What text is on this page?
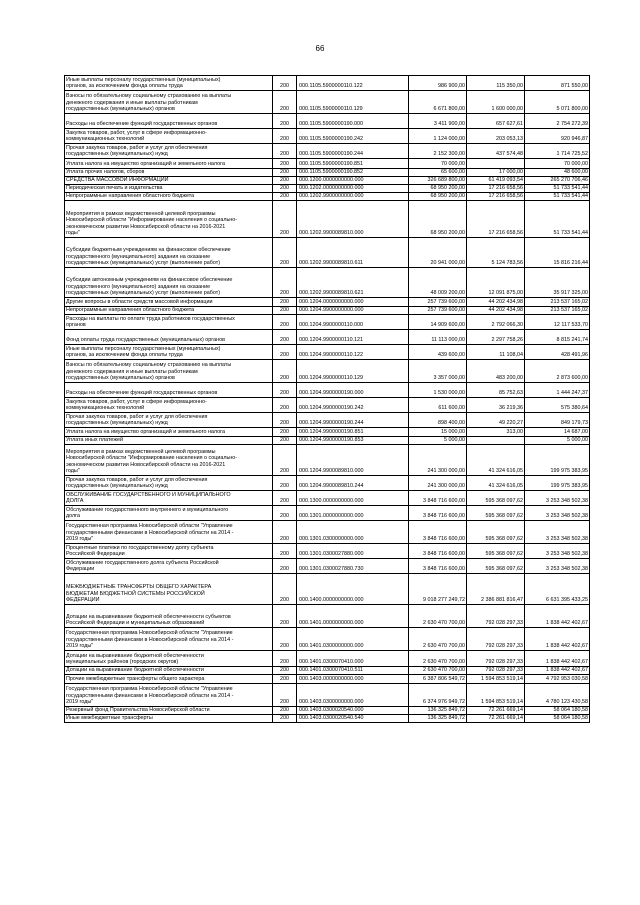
66
Иные выплаты персоналу государственных (муниципальных)
органов, за исключением фонда оплаты труда	200	000.1105.5900000110.122	986 900,00	115 350,00	871 550,00
Взносы по обязательному социальному страхованию на выплаты
денежного содержания и иные выплаты работникам
государственных (муниципальных) органов	200	000.1105.5900000110.129	6 671 800,00	1 600 000,00	5 071 800,00
Расходы на обеспечение функций государственных органов	200	000.1105.5900000190.000	3 411 900,00	657 627,61	2 754 272,39
Закупка товаров, работ, услуг в сфере информационно-
коммуникационных технологий	200	000.1105.5900000190.242	1 124 000,00	203 053,13	920 946,87
Прочая закупка товаров, работ и услуг для обеспечения
государственных (муниципальных) нужд	200	000.1105.5900000190.244	2 152 300,00	437 574,48	1 714 725,52
Уплата налога на имущество организаций и земельного налога	200	000.1105.5900000190.851	70 000,00		70 000,00
Уплата прочих налогов, сборов	200	000.1105.5900000190.852	65 600,00	17 000,00	48 600,00
СРЕДСТВА МАССОВОЙ ИНФОРМАЦИИ	200	000.1200.0000000000.000	326 689 800,00	61 419 093,54	265 270 706,46
Периодическая печать и издательства	200	000.1202.0000000000.000	68 950 200,00	17 216 658,56	51 733 541,44
Непрограммные направления областного бюджета	200	000.1202.9900000000.000	68 950 200,00	17 216 658,56	51 733 541,44
Мероприятия в рамках ведомственной целевой программы
Новосибирской области "Информирование населения о социально-
экономическом развитии Новосибирской области на 2016-2021
годы"	200	000.1202.9900089810.000	68 950 200,00	17 216 658,56	51 733 541,44
Субсидии бюджетным учреждениям на финансовое обеспечение
государственного (муниципального) задания на оказание
государственных (муниципальных) услуг (выполнение работ)	200	000.1202.9900089810.611	20 941 000,00	5 124 783,56	15 816 216,44
Субсидии автономным учреждениям на финансовое обеспечение
государственного (муниципального) задания на оказание
государственных (муниципальных) услуг (выполнение работ)	200	000.1202.9900089810.621	48 009 200,00	12 091 875,00	35 917 325,00
Другие вопросы в области средств массовой информации	200	000.1204.0000000000.000	257 739 600,00	44 202 434,98	213 537 165,02
Непрограммные направления областного бюджета	200	000.1204.9900000000.000	257 739 600,00	44 202 434,98	213 537 165,02
Расходы на выплаты по оплате труда работников государственных
органов	200	000.1204.9900000110.000	14 909 600,00	2 792 066,30	12 117 533,70
Фонд оплаты труда государственных (муниципальных) органов	200	000.1204.9900000110.121	11 113 000,00	2 297 758,26	8 815 241,74
Иные выплаты персоналу государственных (муниципальных)
органов, за исключением фонда оплаты труда	200	000.1204.9900000110.122	439 600,00	11 108,04	428 491,96
Взносы по обязательному социальному страхованию на выплаты
денежного содержания и иные выплаты работникам
государственных (муниципальных) органов	200	000.1204.9900000110.129	3 357 000,00	483 200,00	2 873 600,00
Расходы на обеспечение функций государственных органов	200	000.1204.9900000190.000	1 530 000,00	85 752,63	1 444 247,37
Закупка товаров, работ, услуг в сфере информационно-
коммуникационных технологий	200	000.1204.9900000190.242	611 600,00	36 219,36	575 380,64
Прочая закупка товаров, работ и услуг для обеспечения
государственных (муниципальных) нужд	200	000.1204.9900000190.244	898 400,00	49 220,27	849 179,73
Уплата налога на имущество организаций и земельного налога	200	000.1204.9900000190.851	15 000,00	313,00	14 687,00
Уплата иных платежей	200	000.1204.9900000190.853	5 000,00		5 000,00
Мероприятия в рамках ведомственной целевой программы
Новосибирской области "Информирование населения о социально-
экономическом развитии Новосибирской области на 2016-2021
годы"	200	000.1204.9900089810.000	241 300 000,00	41 324 616,05	199 975 383,95
Прочая закупка товаров, работ и услуг для обеспечения
государственных (муниципальных) нужд	200	000.1204.9900089810.244	241 300 000,00	41 324 616,05	199 975 383,95
ОБСЛУЖИВАНИЕ ГОСУДАРСТВЕННОГО И МУНИЦИПАЛЬНОГО
ДОЛГА	200	000.1300.0000000000.000	3 848 716 600,00	595 368 097,62	3 253 348 502,38
Обслуживание государственного внутреннего и муниципального
долга	200	000.1301.0000000000.000	3 848 716 600,00	595 368 097,62	3 253 348 502,38
Государственная программа Новосибирской области "Управление
государственными финансами в Новосибирской области на 2014 -
2019 годы"	200	000.1301.0300000000.000	3 848 716 600,00	595 368 097,62	3 253 348 502,38
Процентные платежи по государственному долгу субъекта
Российской Федерации	200	000.1301.0300027880.000	3 848 716 600,00	595 368 097,62	3 253 348 502,38
Обслуживание государственного долга субъекта Российской
Федерации	200	000.1301.0300027880.730	3 848 716 600,00	595 368 097,62	3 253 348 502,38
МЕЖБЮДЖЕТНЫЕ ТРАНСФЕРТЫ ОБЩЕГО ХАРАКТЕРА
БЮДЖЕТАМ БЮДЖЕТНОЙ СИСТЕМЫ РОССИЙСКОЙ
ФЕДЕРАЦИИ	200	000.1400.0000000000.000	9 018 277 249,72	2 386 881 816,47	6 631 395 433,25
Дотации на выравнивание бюджетной обеспеченности субъектов
Российской Федерации и муниципальных образований	200	000.1401.0000000000.000	2 630 470 700,00	792 028 297,33	1 838 442 402,67
Государственная программа Новосибирской области "Управление
государственными финансами в Новосибирской области на 2014 -
2019 годы"	200	000.1401.0300000000.000	2 630 470 700,00	792 028 297,33	1 838 442 402,67
Дотации на выравнивание бюджетной обеспеченности
муниципальных районов (городских округов)	200	000.1401.0300070410.000	2 630 470 700,00	792 028 297,33	1 838 442 402,67
Дотации на выравнивание бюджетной обеспеченности	200	000.1401.0300070410.511	2 630 470 700,00	792 028 297,33	1 838 442 402,67
Прочие межбюджетные трансферты общего характера	200	000.1403.0000000000.000	6 387 806 549,72	1 594 853 519,14	4 792 953 030,58
Государственная программа Новосибирской области "Управление
государственными финансами в Новосибирской области на 2014 -
2019 годы"	200	000.1403.0300000000.000	6 374 976 949,72	1 594 853 519,14	4 780 123 430,58
Резервный фонд Правительства Новосибирской области	200	000.1403.0300020540.000	136 325 849,72	72 261 669,14	58 064 180,58
Иные межбюджетные трансферты	200	000.1403.0300020540.540	136 325 849,72	72 261 669,14	58 064 180,58
